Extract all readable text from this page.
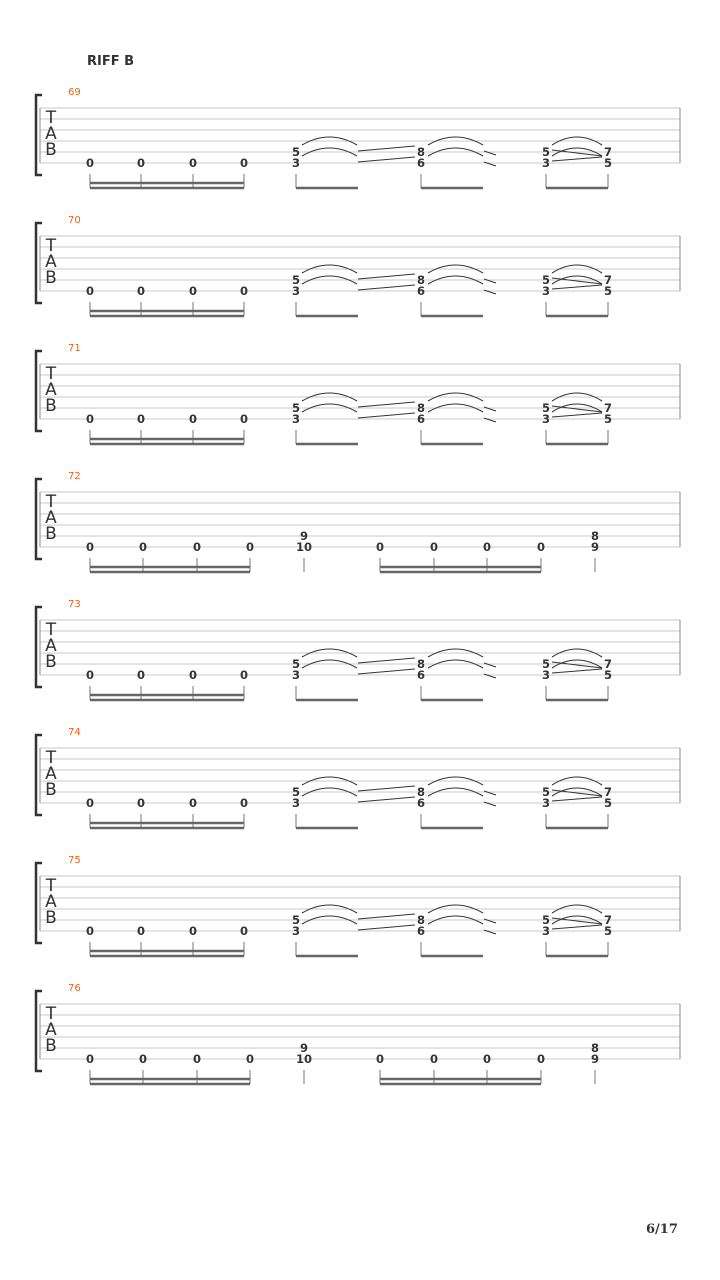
RIFF B
69
T
A
B
0	0	0	0
5
3
8
6
5
3
7
5
70
T
A
B
0	0	0	0
5
3
8
6
5
3
7
5
71
T
A
B
0	0	0	0
5
3
8
6
5
3
7
5
72
T
A
B
0	0	0	0
9
10	0	0	0	0
8
9
73
T
A
B
0	0	0	0
5
3
8
6
5
3
7
5
74
T
A
B
0	0	0	0
5
3
8
6
5
3
7
5
75
T
A
B
0	0	0	0
5
3
8
6
5
3
7
5
76
T
A
B
0	0	0	0
9
10	0	0	0	0
8
9
6/17
